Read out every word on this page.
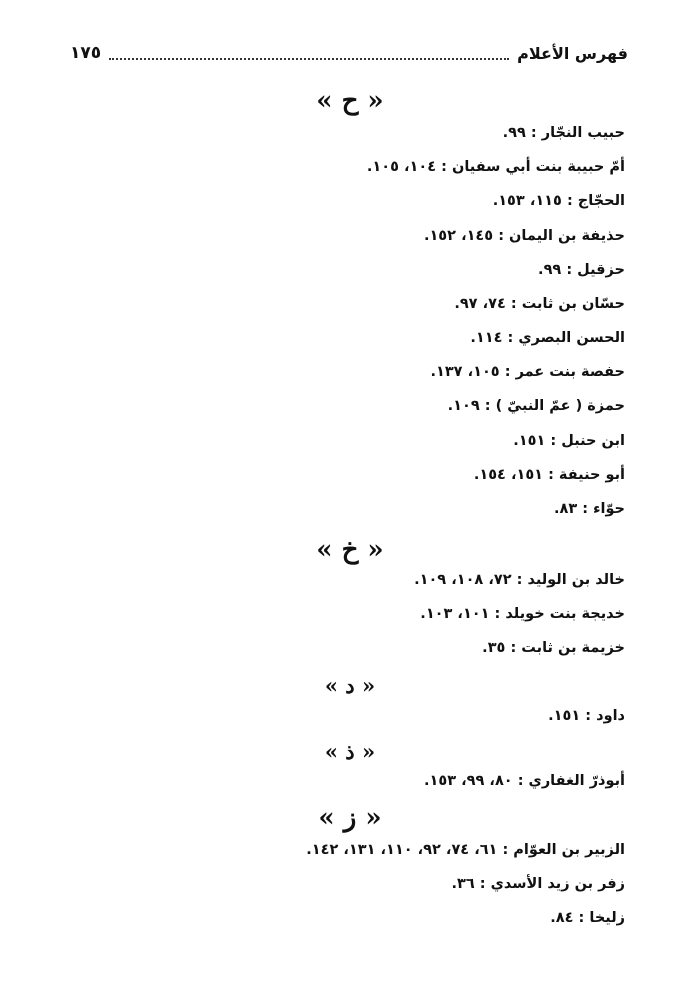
فهرس الأعلام
١٧٥
« ح »
حبيب النجّار : ٩٩.
أمّ حبيبة بنت أبي سفيان : ١٠٤، ١٠٥.
الحجّاج : ١١٥، ١٥٣.
حذيفة بن اليمان : ١٤٥، ١٥٢.
حزقيل : ٩٩.
حسّان بن ثابت : ٧٤، ٩٧.
الحسن البصري : ١١٤.
حفصة بنت عمر : ١٠٥، ١٣٧.
حمزة ( عمّ النبيّ ) : ١٠٩.
ابن حنبل : ١٥١.
أبو حنيفة : ١٥١، ١٥٤.
حوّاء : ٨٣.
« خ »
خالد بن الوليد : ٧٢، ١٠٨، ١٠٩.
خديجة بنت خويلد : ١٠١، ١٠٣.
خزيمة بن ثابت : ٣٥.
« د »
داود : ١٥١.
« ذ »
أبوذرّ الغفاري : ٨٠، ٩٩، ١٥٣.
« ز »
الزبير بن العوّام : ٦١، ٧٤، ٩٢، ١١٠، ١٣١، ١٤٢.
زفر بن زيد الأسدي : ٣٦.
زليخا : ٨٤.
